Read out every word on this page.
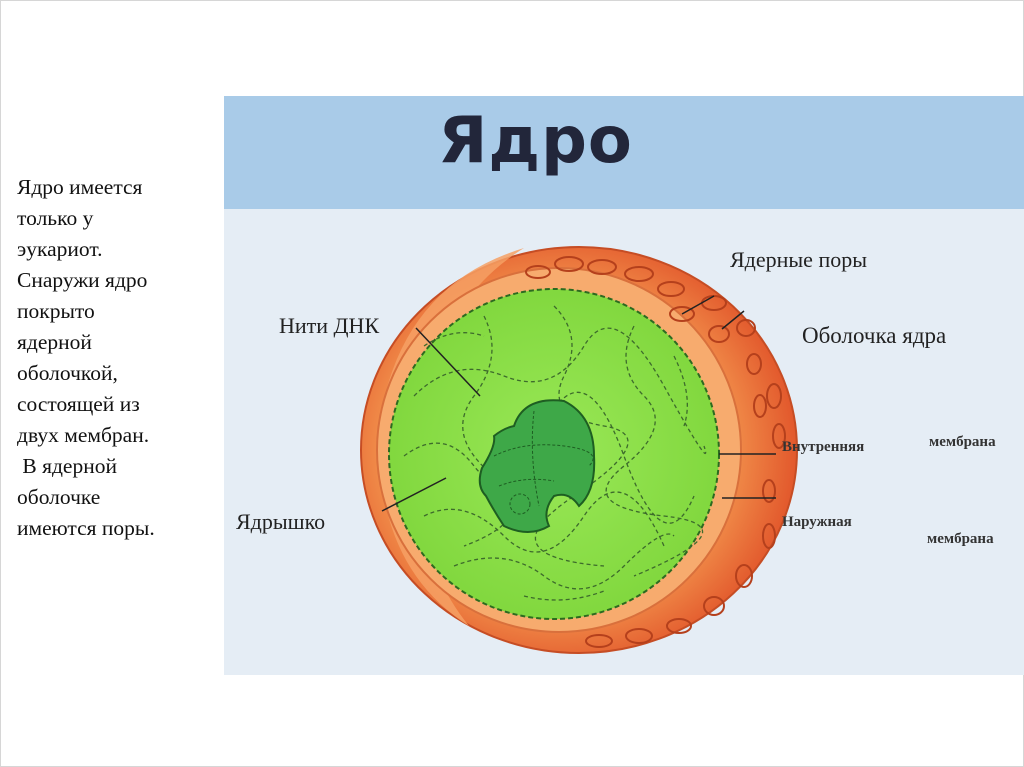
Ядро имеется
только у
эукариот.
Снаружи ядро
покрыто
ядерной
оболочкой,
состоящей из
двух мембран.
В ядерной
оболочке
имеются поры.
Ядро
Ядерные поры
Оболочка ядра
Нити ДНК
Внутренняя	мембрана
Наружная
мембрана
Ядрышко
